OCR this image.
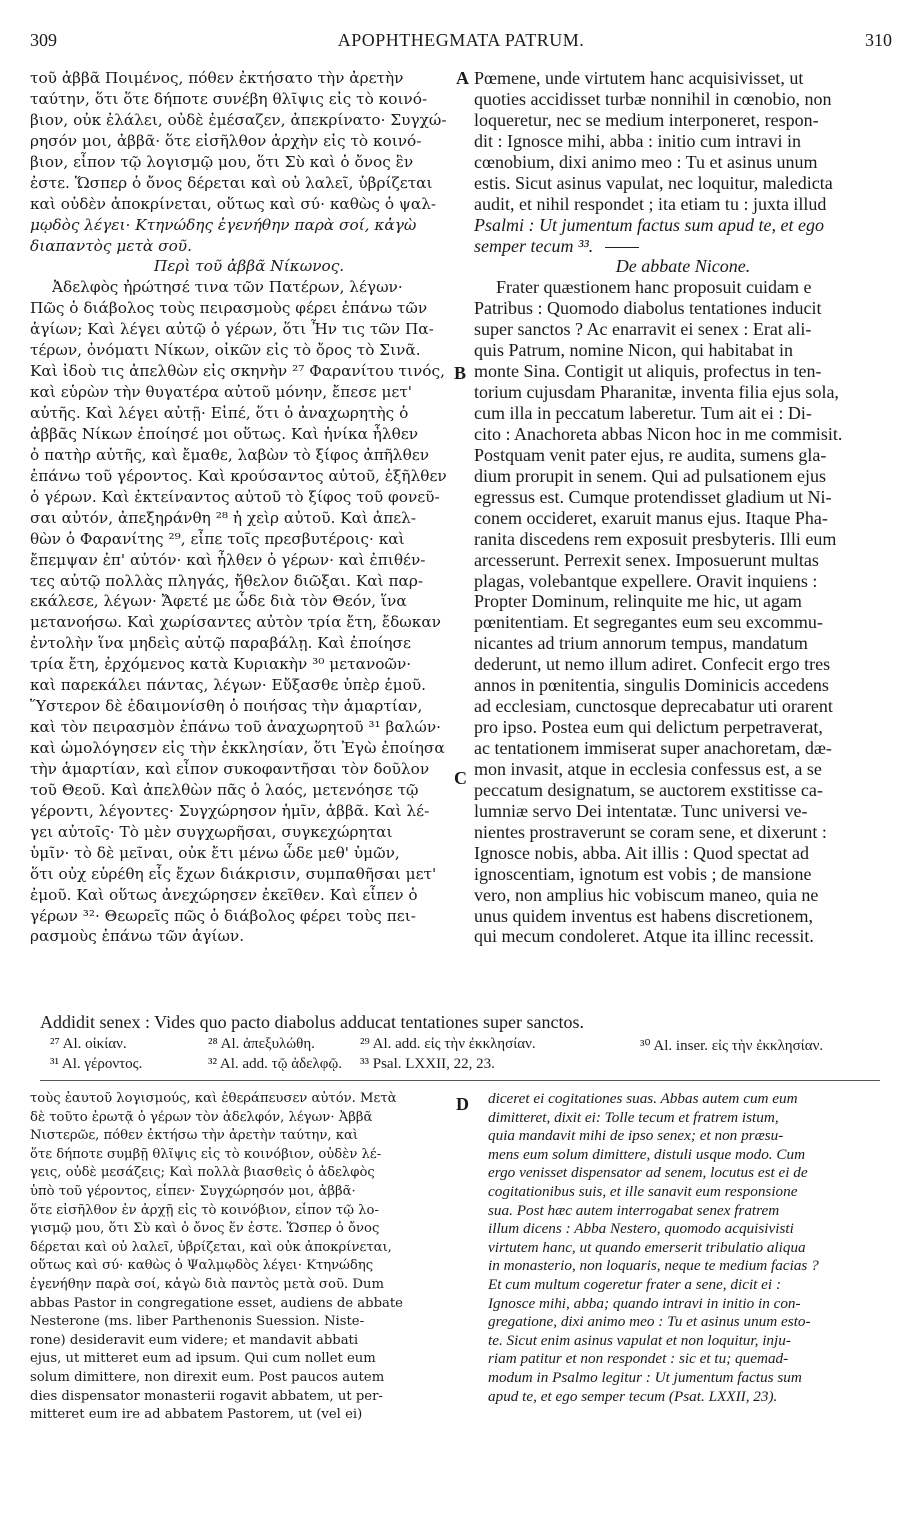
309	APOPHTHEGMATA PATRUM.	310
A
B
C
D
τοῦ ἀββᾶ Ποιμένος, πόθεν ἐκτήσατο τὴν ἀρετὴν
ταύτην, ὅτι ὅτε δήποτε συνέβη θλῖψις εἰς τὸ κοινό-
βιον, οὐκ ἐλάλει, οὐδὲ ἐμέσαζεν, ἀπεκρίνατο· Συγχώ-
ρησόν μοι, ἀββᾶ· ὅτε εἰσῆλθον ἀρχὴν εἰς τὸ κοινό-
βιον, εἶπον τῷ λογισμῷ μου, ὅτι Σὺ καὶ ὁ ὄνος ἓν
ἐστε. Ὥσπερ ὁ ὄνος δέρεται καὶ οὐ λαλεῖ, ὑβρίζεται
καὶ οὐδὲν ἀποκρίνεται, οὕτως καὶ σύ· καθὼς ὁ ψαλ-
μῳδὸς λέγει· Κτηνώδης ἐγενήθην παρὰ σοί, κἀγὼ
διαπαντὸς μετὰ σοῦ.
Περὶ τοῦ ἀββᾶ Νίκωνος.
Ἀδελφὸς ἠρώτησέ τινα τῶν Πατέρων, λέγων·
Πῶς ὁ διάβολος τοὺς πειρασμοὺς φέρει ἐπάνω τῶν
ἁγίων; Καὶ λέγει αὐτῷ ὁ γέρων, ὅτι Ἦν τις τῶν Πα-
τέρων, ὀνόματι Νίκων, οἰκῶν εἰς τὸ ὄρος τὸ Σινᾶ.
Καὶ ἰδοὺ τις ἀπελθὼν εἰς σκηνὴν ²⁷ Φαρανίτου τινός,
καὶ εὑρὼν τὴν θυγατέρα αὐτοῦ μόνην, ἔπεσε μετ'
αὐτῆς. Καὶ λέγει αὐτῇ· Εἰπέ, ὅτι ὁ ἀναχωρητὴς ὁ
ἀββᾶς Νίκων ἐποίησέ μοι οὕτως. Καὶ ἡνίκα ἦλθεν
ὁ πατὴρ αὐτῆς, καὶ ἔμαθε, λαβὼν τὸ ξίφος ἀπῆλθεν
ἐπάνω τοῦ γέροντος. Καὶ κρούσαντος αὐτοῦ, ἐξῆλθεν
ὁ γέρων. Καὶ ἐκτείναντος αὐτοῦ τὸ ξίφος τοῦ φονεῦ-
σαι αὐτόν, ἀπεξηράνθη ²⁸ ἡ χεὶρ αὐτοῦ. Καὶ ἀπελ-
θὼν ὁ Φαρανίτης ²⁹, εἶπε τοῖς πρεσβυτέροις· καὶ
ἔπεμψαν ἐπ' αὐτόν· καὶ ἦλθεν ὁ γέρων· καὶ ἐπιθέν-
τες αὐτῷ πολλὰς πληγάς, ἤθελον διῶξαι. Καὶ παρ-
εκάλεσε, λέγων· Ἄφετέ με ὧδε διὰ τὸν Θεόν, ἵνα
μετανοήσω. Καὶ χωρίσαντες αὐτὸν τρία ἔτη, ἔδωκαν
ἐντολὴν ἵνα μηδεὶς αὐτῷ παραβάλῃ. Καὶ ἐποίησε
τρία ἔτη, ἐρχόμενος κατὰ Κυριακὴν ³⁰ μετανοῶν·
καὶ παρεκάλει πάντας, λέγων· Εὔξασθε ὑπὲρ ἐμοῦ.
Ὕστερον δὲ ἐδαιμονίσθη ὁ ποιήσας τὴν ἁμαρτίαν,
καὶ τὸν πειρασμὸν ἐπάνω τοῦ ἀναχωρητοῦ ³¹ βαλών·
καὶ ὡμολόγησεν εἰς τὴν ἐκκλησίαν, ὅτι Ἐγὼ ἐποίησα
τὴν ἁμαρτίαν, καὶ εἶπον συκοφαντῆσαι τὸν δοῦλον
τοῦ Θεοῦ. Καὶ ἀπελθὼν πᾶς ὁ λαός, μετενόησε τῷ
γέροντι, λέγοντες· Συγχώρησον ἡμῖν, ἀββᾶ. Καὶ λέ-
γει αὐτοῖς· Τὸ μὲν συγχωρῆσαι, συγκεχώρηται
ὑμῖν· τὸ δὲ μεῖναι, οὐκ ἔτι μένω ὧδε μεθ' ὑμῶν,
ὅτι οὐχ εὑρέθη εἷς ἔχων διάκρισιν, συμπαθῆσαι μετ'
ἐμοῦ. Καὶ οὕτως ἀνεχώρησεν ἐκεῖθεν. Καὶ εἶπεν ὁ
γέρων ³²· Θεωρεῖς πῶς ὁ διάβολος φέρει τοὺς πει-
ρασμοὺς ἐπάνω τῶν ἁγίων.
Pœmene, unde virtutem hanc acquisivisset, ut
quoties accidisset turbæ nonnihil in cœnobio, non
loqueretur, nec se medium interponeret, respon-
dit : Ignosce mihi, abba : initio cum intravi in
cœnobium, dixi animo meo : Tu et asinus unum
estis. Sicut asinus vapulat, nec loquitur, maledicta
audit, et nihil respondet ; ita etiam tu : juxta illud
Psalmi : Ut jumentum factus sum apud te, et ego
semper tecum ³³.
De abbate Nicone.
Frater quæstionem hanc proposuit cuidam e
Patribus : Quomodo diabolus tentationes inducit
super sanctos ? Ac enarravit ei senex : Erat ali-
quis Patrum, nomine Nicon, qui habitabat in
monte Sina. Contigit ut aliquis, profectus in ten-
torium cujusdam Pharanitæ, inventa filia ejus sola,
cum illa in peccatum laberetur. Tum ait ei : Di-
cito : Anachoreta abbas Nicon hoc in me commisit.
Postquam venit pater ejus, re audita, sumens gla-
dium prorupit in senem. Qui ad pulsationem ejus
egressus est. Cumque protendisset gladium ut Ni-
conem occideret, exaruit manus ejus. Itaque Pha-
ranita discedens rem exposuit presbyteris. Illi eum
arcesserunt. Perrexit senex. Imposuerunt multas
plagas, volebantque expellere. Oravit inquiens :
Propter Dominum, relinquite me hic, ut agam
pœnitentiam. Et segregantes eum seu excommu-
nicantes ad trium annorum tempus, mandatum
dederunt, ut nemo illum adiret. Confecit ergo tres
annos in pœnitentia, singulis Dominicis accedens
ad ecclesiam, cunctosque deprecabatur uti orarent
pro ipso. Postea eum qui delictum perpetraverat,
ac tentationem immiserat super anachoretam, dæ-
mon invasit, atque in ecclesia confessus est, a se
peccatum designatum, se auctorem exstitisse ca-
lumniæ servo Dei intentatæ. Tunc universi ve-
nientes prostraverunt se coram sene, et dixerunt :
Ignosce nobis, abba. Ait illis : Quod spectat ad
ignoscentiam, ignotum est vobis ; de mansione
vero, non amplius hic vobiscum maneo, quia ne
unus quidem inventus est habens discretionem,
qui mecum condoleret. Atque ita illinc recessit.
Addidit senex : Vides quo pacto diabolus adducat tentationes super sanctos.
²⁷ Al. οἰκίαν.	²⁸ Al. ἀπεξυλώθη.	²⁹ Al. add. εἰς τὴν ἐκκλησίαν.	³⁰ Al. inser. εἰς τὴν ἐκκλησίαν.
³¹ Al. γέροντος.	³² Al. add. τῷ ἀδελφῷ. ³³ Psal. LXXII, 22, 23.
τοὺς ἑαυτοῦ λογισμούς, καὶ ἐθεράπευσεν αὐτόν. Μετὰ
δὲ τοῦτο ἐρωτᾷ ὁ γέρων τὸν ἀδελφόν, λέγων· Ἀββᾶ
Νιστερῶε, πόθεν ἐκτήσω τὴν ἀρετὴν ταύτην, καὶ
ὅτε δήποτε συμβῇ θλῖψις εἰς τὸ κοινόβιον, οὐδὲν λέ-
γεις, οὐδὲ μεσάζεις; Καὶ πολλὰ βιασθεὶς ὁ ἀδελφὸς
ὑπὸ τοῦ γέροντος, εἶπεν· Συγχώρησόν μοι, ἀββᾶ·
ὅτε εἰσῆλθον ἐν ἀρχῇ εἰς τὸ κοινόβιον, εἶπον τῷ λο-
γισμῷ μου, ὅτι Σὺ καὶ ὁ ὄνος ἕν ἐστε. Ὥσπερ ὁ ὄνος
δέρεται καὶ οὐ λαλεῖ, ὑβρίζεται, καὶ οὐκ ἀποκρίνεται,
οὕτως καὶ σύ· καθὼς ὁ Ψαλμῳδὸς λέγει· Κτηνώδης
ἐγενήθην παρὰ σοί, κἀγὼ διὰ παντὸς μετὰ σοῦ. Dum
abbas Pastor in congregatione esset, audiens de abbate
Nesterone (ms. liber Parthenonis Suession. Niste-
rone) desideravit eum videre; et mandavit abbati
ejus, ut mitteret eum ad ipsum. Qui cum nollet eum
solum dimittere, non direxit eum. Post paucos autem
dies dispensator monasterii rogavit abbatem, ut per-
mitteret eum ire ad abbatem Pastorem, ut (vel ei)
diceret ei cogitationes suas. Abbas autem cum eum
dimitteret, dixit ei: Tolle tecum et fratrem istum,
quia mandavit mihi de ipso senex; et non præsu-
mens eum solum dimittere, distuli usque modo. Cum
ergo venisset dispensator ad senem, locutus est ei de
cogitationibus suis, et ille sanavit eum responsione
sua. Post hæc autem interrogabat senex fratrem
illum dicens : Abba Nestero, quomodo acquisivisti
virtutem hanc, ut quando emerserit tribulatio aliqua
in monasterio, non loquaris, neque te medium facias ?
Et cum multum cogeretur frater a sene, dicit ei :
Ignosce mihi, abba; quando intravi in initio in con-
gregatione, dixi animo meo : Tu et asinus unum esto-
te. Sicut enim asinus vapulat et non loquitur, inju-
riam patitur et non respondet : sic et tu; quemad-
modum in Psalmo legitur : Ut jumentum factus sum
apud te, et ego semper tecum (Psat. LXXII, 23).
